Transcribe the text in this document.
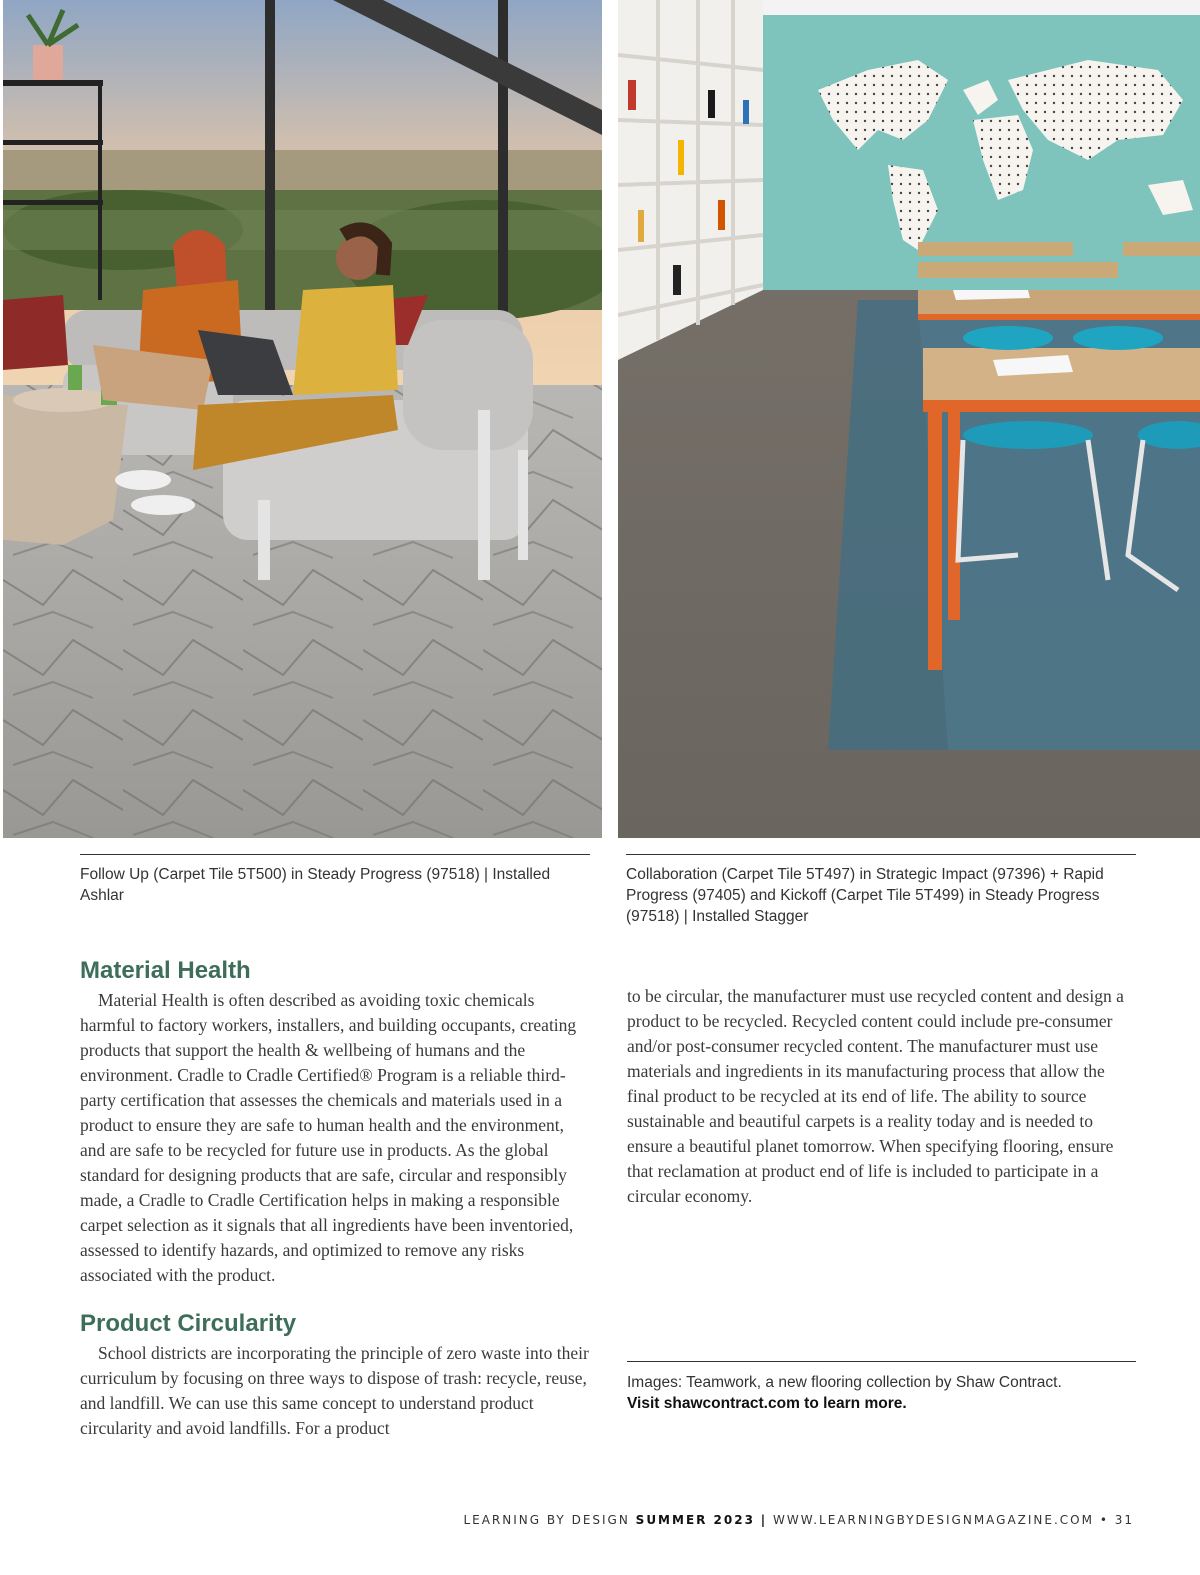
Follow Up (Carpet Tile 5T500) in Steady Progress (97518) | Installed Ashlar
Collaboration (Carpet Tile 5T497) in Strategic Impact (97396) + Rapid Progress (97405) and Kickoff (Carpet Tile 5T499) in Steady Progress (97518) | Installed Stagger
Material Health

Material Health is often described as avoiding toxic chemicals harmful to factory workers, installers, and building occupants, creating products that support the health & wellbeing of humans and the environment. Cradle to Cradle Certified® Program is a reliable third-party certification that assesses the chemicals and materials used in a product to ensure they are safe to human health and the environment, and are safe to be recycled for future use in products. As the global standard for designing products that are safe, circular and responsibly made, a Cradle to Cradle Certification helps in making a responsible carpet selection as it signals that all ingredients have been inventoried, assessed to identify hazards, and optimized to remove any risks associated with the product.

Product Circularity

School districts are incorporating the principle of zero waste into their curriculum by focusing on three ways to dispose of trash: recycle, reuse, and landfill. We can use this same concept to understand product circularity and avoid landfills. For a product

to be circular, the manufacturer must use recycled content and design a product to be recycled. Recycled content could include pre-consumer and/or post-consumer recycled content. The manufacturer must use materials and ingredients in its manufacturing process that allow the final product to be recycled at its end of life. The ability to source sustainable and beautiful carpets is a reality today and is needed to ensure a beautiful planet tomorrow. When specifying flooring, ensure that reclamation at product end of life is included to participate in a circular economy.

Images: Teamwork, a new flooring collection by Shaw Contract.
Visit shawcontract.com to learn more.
LEARNING BY DESIGN SUMMER 2023 | WWW.LEARNINGBYDESIGNMAGAZINE.COM • 31
